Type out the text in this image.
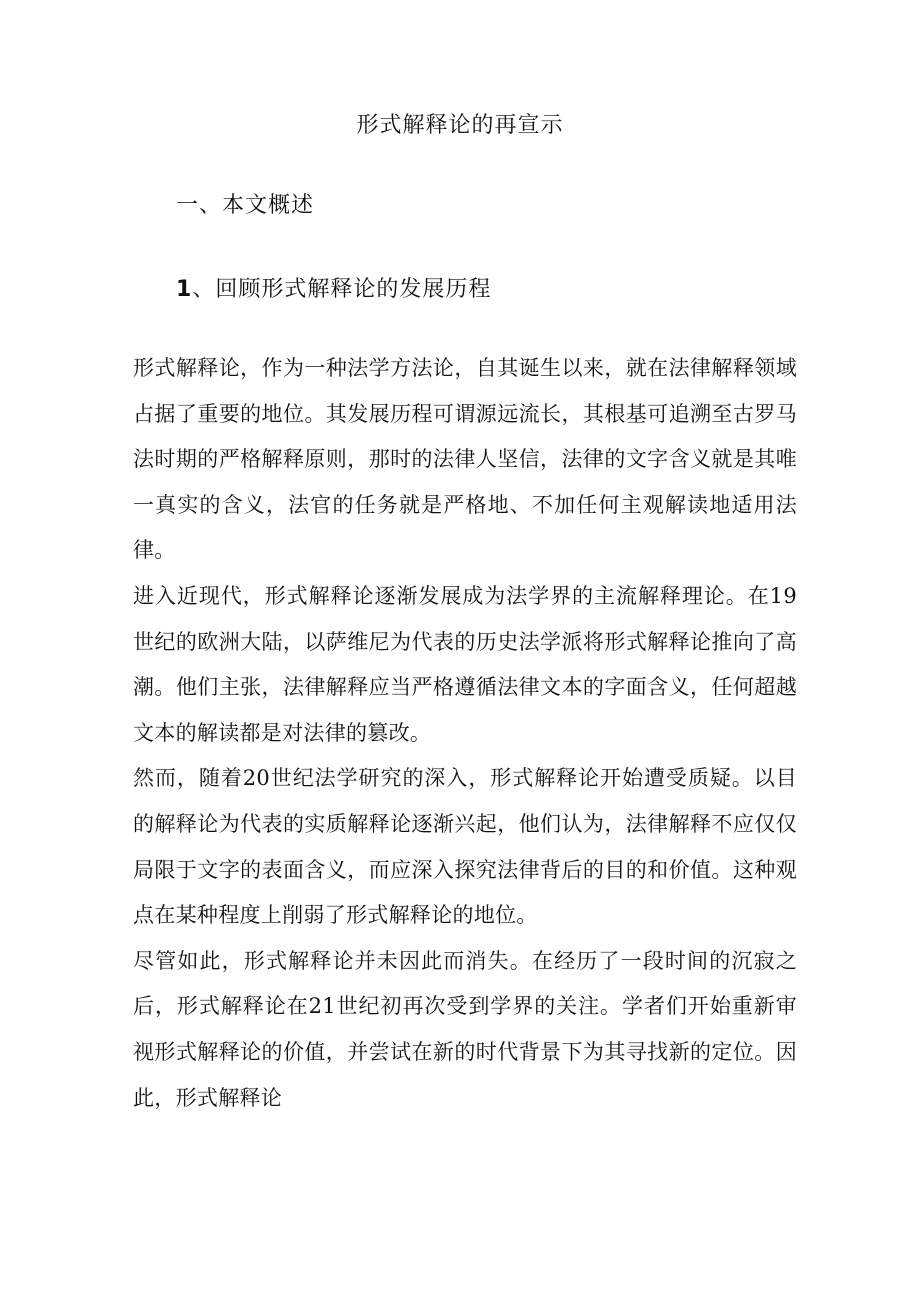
形式解释论的再宣示
一、本文概述
1、回顾形式解释论的发展历程

形式解释论，作为一种法学方法论，自其诞生以来，就在法律解释领域占据了重要的地位。其发展历程可谓源远流长，其根基可追溯至古罗马法时期的严格解释原则，那时的法律人坚信，法律的文字含义就是其唯一真实的含义，法官的任务就是严格地、不加任何主观解读地适用法律。

进入近现代，形式解释论逐渐发展成为法学界的主流解释理论。在19世纪的欧洲大陆，以萨维尼为代表的历史法学派将形式解释论推向了高潮。他们主张，法律解释应当严格遵循法律文本的字面含义，任何超越文本的解读都是对法律的篡改。

然而，随着20世纪法学研究的深入，形式解释论开始遭受质疑。以目的解释论为代表的实质解释论逐渐兴起，他们认为，法律解释不应仅仅局限于文字的表面含义，而应深入探究法律背后的目的和价值。这种观点在某种程度上削弱了形式解释论的地位。

尽管如此，形式解释论并未因此而消失。在经历了一段时间的沉寂之后，形式解释论在21世纪初再次受到学界的关注。学者们开始重新审视形式解释论的价值，并尝试在新的时代背景下为其寻找新的定位。因此，形式解释论
